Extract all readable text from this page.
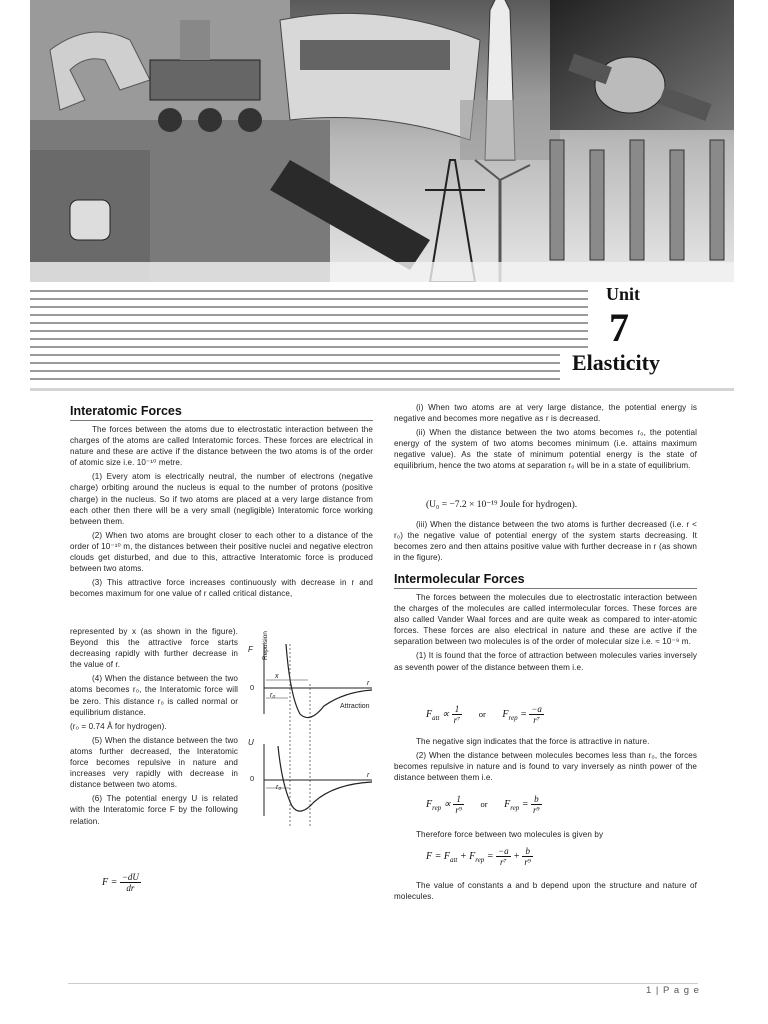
Unit
7
Elasticity
Interatomic Forces

The forces between the atoms due to electrostatic interaction between the charges of the atoms are called Interatomic forces. These forces are electrical in nature and these are active if the distance between the two atoms is of the order of atomic size i.e. 10⁻¹⁰ metre.

(1) Every atom is electrically neutral, the number of electrons (negative charge) orbiting around the nucleus is equal to the number of protons (positive charge) in the nucleus. So if two atoms are placed at a very large distance from each other then there will be a very small (negligible) Interatomic force working between them.

(2) When two atoms are brought closer to each other to a distance of the order of 10⁻¹⁰ m, the distances between their positive nuclei and negative electron clouds get disturbed, and due to this, attractive Interatomic force is produced between two atoms.

(3) This attractive force increases continuously with decrease in r and becomes maximum for one value of r called critical distance,

represented by x (as shown in the figure). Beyond this the attractive force starts decreasing rapidly with further decrease in the value of r.

(4) When the distance between the two atoms becomes r₀, the Interatomic force will be zero. This distance r₀ is called normal or equilibrium distance.

(r₀ = 0.74 Å for hydrogen).

(5) When the distance between the two atoms further decreased, the Interatomic force becomes repulsive in nature and increases very rapidly with decrease in distance between two atoms.

(6) The potential energy U is related with the Interatomic force F by the following relation.

$F = \frac{-dU}{dr}$
F Repulsion
0
x
r₀
r
Attraction
U
0
r₀
r

(i) When two atoms are at very large distance, the potential energy is negative and becomes more negative as r is decreased.

(ii) When the distance between the two atoms becomes r₀, the potential energy of the system of two atoms becomes minimum (i.e. attains maximum negative value). As the state of minimum potential energy is the state of equilibrium, hence the two atoms at separation r₀ will be in a state of equilibrium.

(U₀ = −7.2 × 10⁻¹⁹ Joule for hydrogen).

(iii) When the distance between the two atoms is further decreased (i.e. r < r₀) the negative value of potential energy of the system starts decreasing. It becomes zero and then attains positive value with further decrease in r (as shown in the figure).

Intermolecular Forces

The forces between the molecules due to electrostatic interaction between the charges of the molecules are called intermolecular forces. These forces are also called Vander Waal forces and are quite weak as compared to inter-atomic forces. These forces are also electrical in nature and these are active if the separation between two molecules is of the order of molecular size i.e. ≈ 10⁻⁹ m.

(1) It is found that the force of attraction between molecules varies inversely as seventh power of the distance between them i.e.

$F_{att} \propto \frac{1}{\text{r⁷}}$ or $F_{rep} = \frac{-a}{\text{r⁷}}$

The negative sign indicates that the force is attractive in nature.

(2) When the distance between molecules becomes less than r₀, the forces becomes repulsive in nature and is found to vary inversely as ninth power of the distance between them i.e.

$F_{rep} \propto \frac{1}{\text{r⁹}}$ or $F_{rep} = \frac{b}{\text{r⁹}}$

Therefore force between two molecules is given by

$F = F_{att} + F_{rep} = \frac{-a}{\text{r⁷}} + \frac{b}{\text{r⁹}}$

The value of constants a and b depend upon the structure and nature of molecules.

1 | P a g e
